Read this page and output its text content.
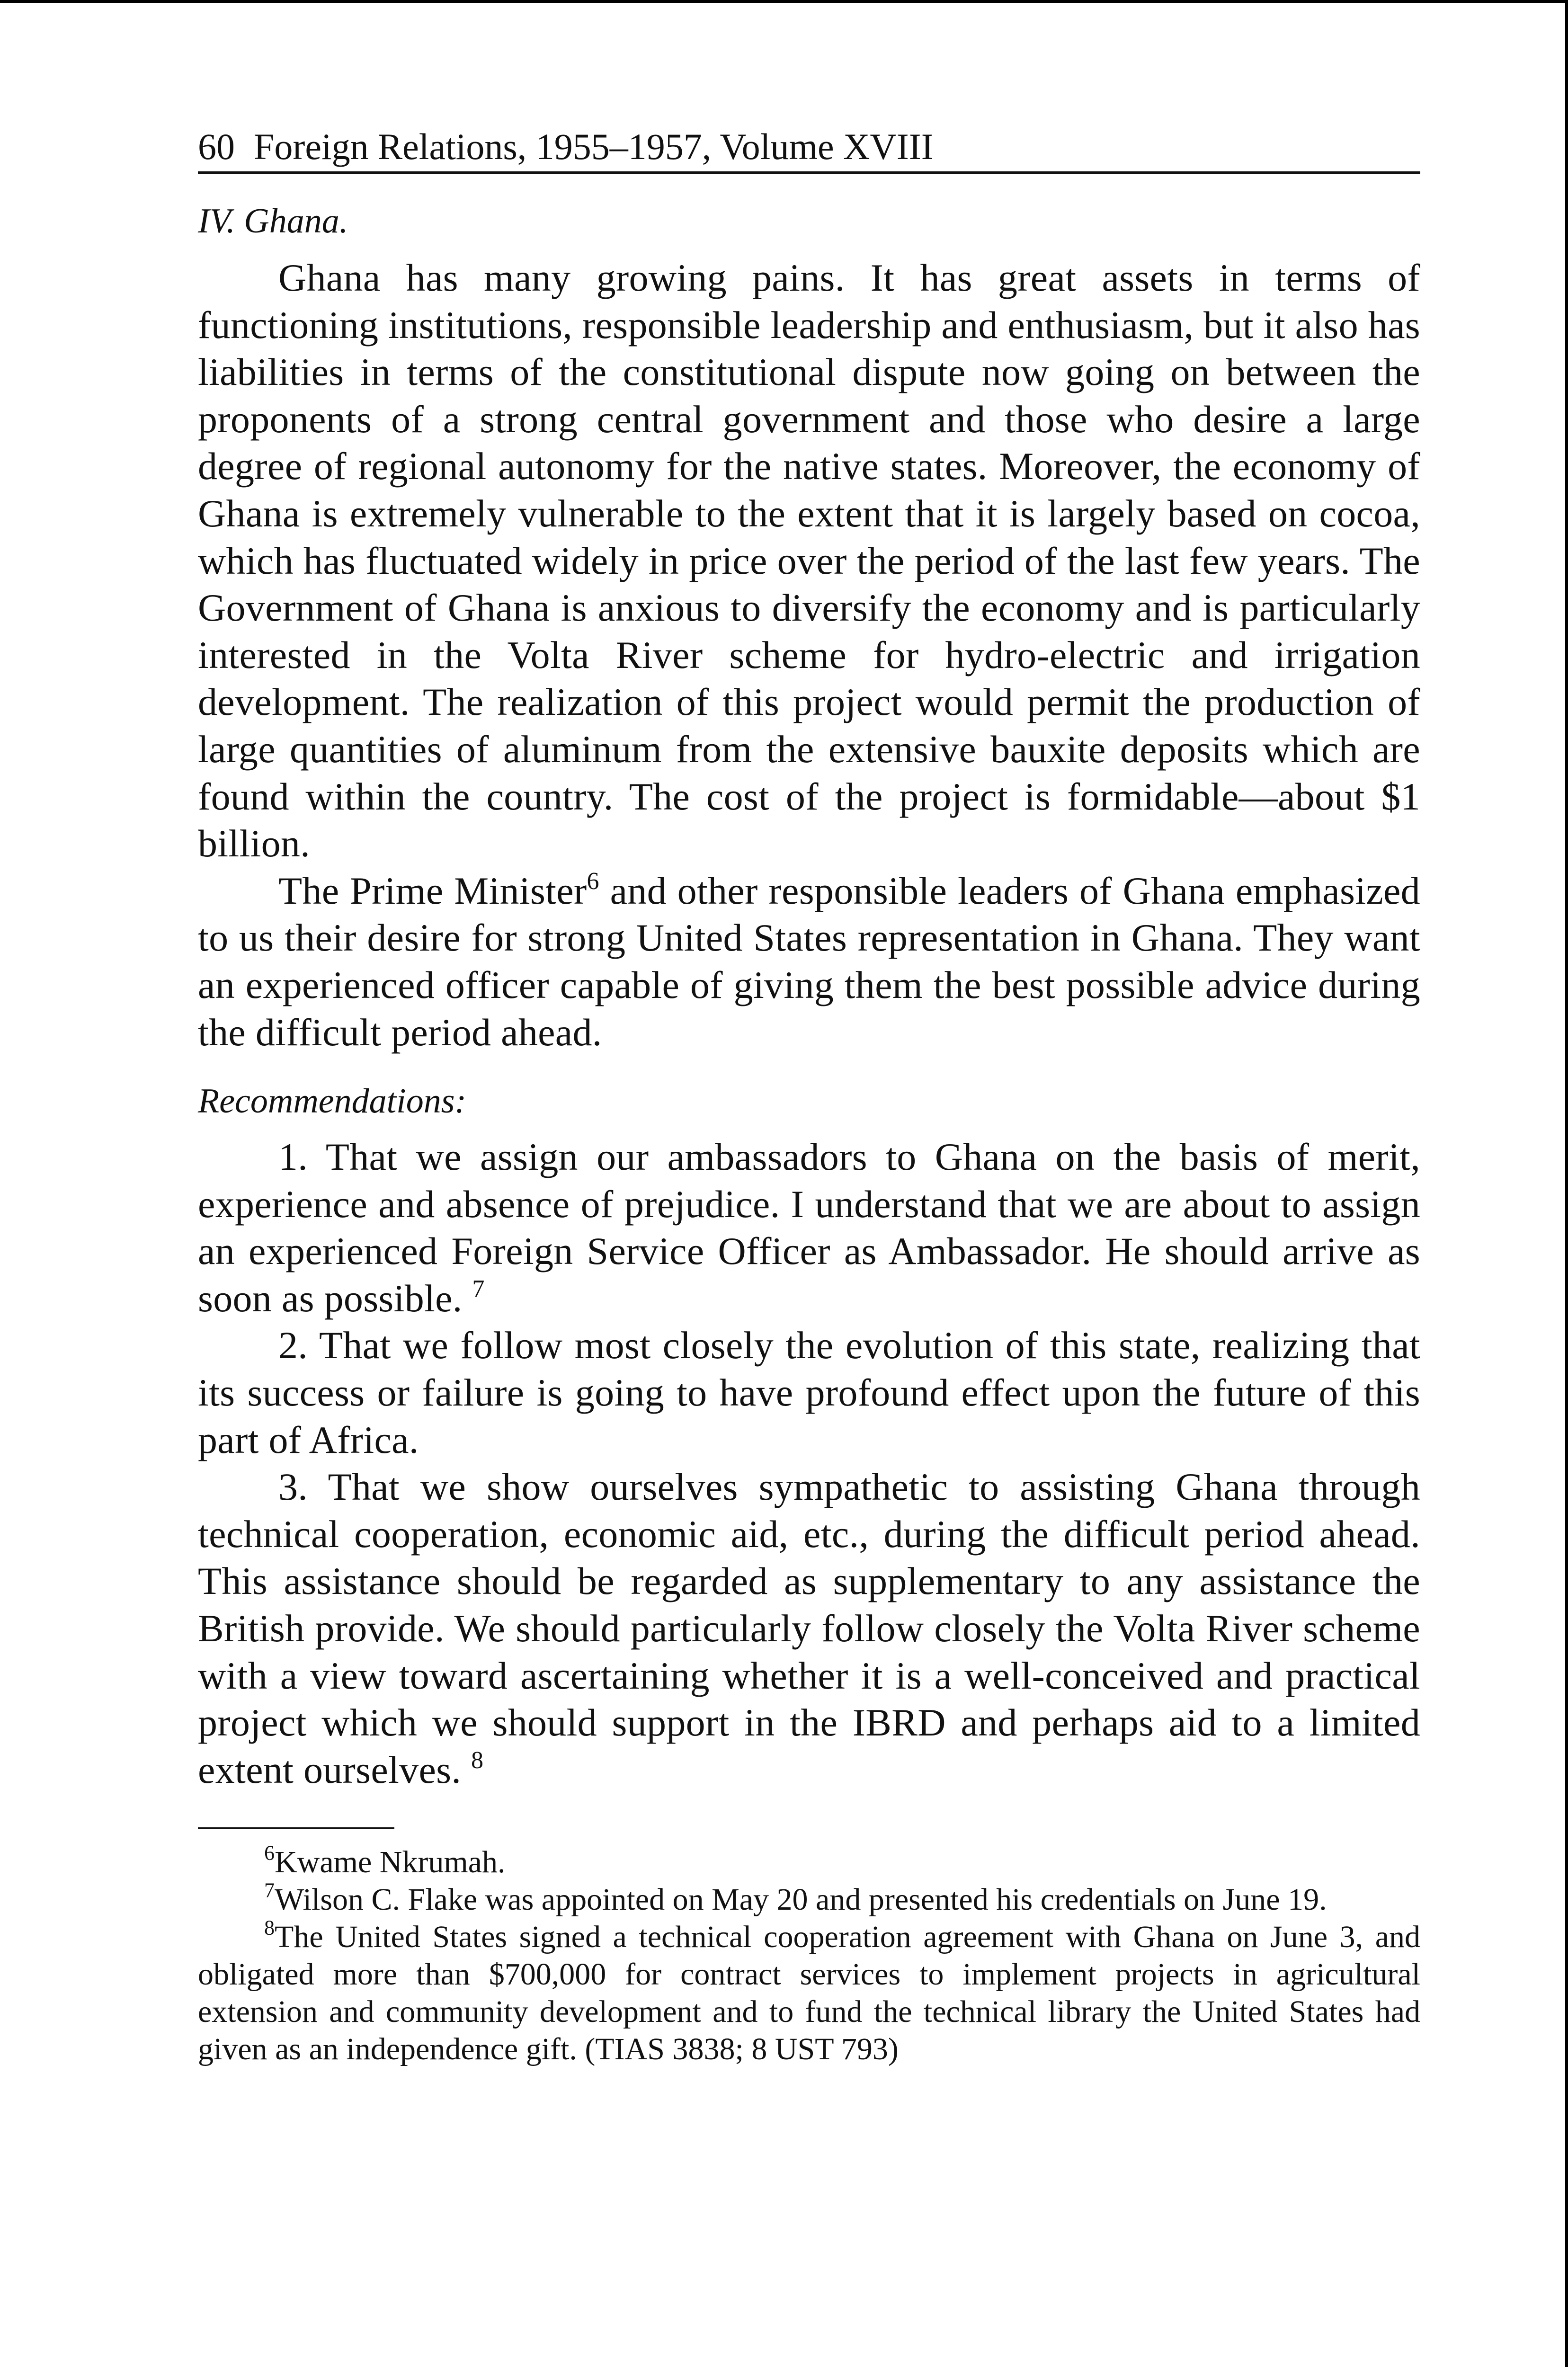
60 Foreign Relations, 1955–1957, Volume XVIII
IV. Ghana.

Ghana has many growing pains. It has great assets in terms of functioning institutions, responsible leadership and enthusiasm, but it also has liabilities in terms of the constitutional dispute now going on between the proponents of a strong central government and those who desire a large degree of regional autonomy for the native states. Moreover, the economy of Ghana is extremely vulnerable to the extent that it is largely based on cocoa, which has fluctuated widely in price over the period of the last few years. The Government of Ghana is anxious to diversify the economy and is particularly interested in the Volta River scheme for hydro-electric and irrigation development. The realization of this project would permit the production of large quantities of aluminum from the extensive bauxite deposits which are found within the country. The cost of the project is formidable—about $1 billion.

The Prime Minister$^6$ and other responsible leaders of Ghana emphasized to us their desire for strong United States representation in Ghana. They want an experienced officer capable of giving them the best possible advice during the difficult period ahead.

Recommendations:

1. That we assign our ambassadors to Ghana on the basis of merit, experience and absence of prejudice. I understand that we are about to assign an experienced Foreign Service Officer as Ambassador. He should arrive as soon as possible. $^7$

2. That we follow most closely the evolution of this state, realizing that its success or failure is going to have profound effect upon the future of this part of Africa.

3. That we show ourselves sympathetic to assisting Ghana through technical cooperation, economic aid, etc., during the difficult period ahead. This assistance should be regarded as supplementary to any assistance the British provide. We should particularly follow closely the Volta River scheme with a view toward ascertaining whether it is a well-conceived and practical project which we should support in the IBRD and perhaps aid to a limited extent ourselves. $^8$

$^6$Kwame Nkrumah.

$^7$Wilson C. Flake was appointed on May 20 and presented his credentials on June 19.

$^8$The United States signed a technical cooperation agreement with Ghana on June 3, and obligated more than $700,000 for contract services to implement projects in agricultural extension and community development and to fund the technical library the United States had given as an independence gift. (TIAS 3838; 8 UST 793)
